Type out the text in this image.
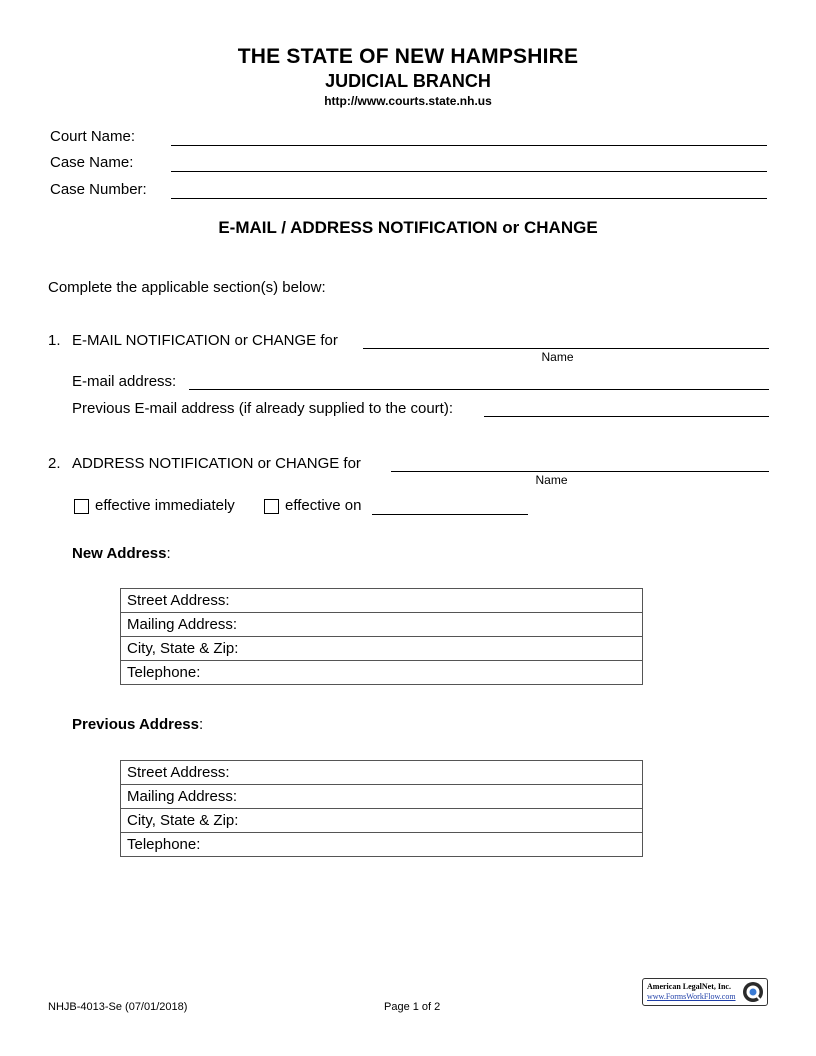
THE STATE OF NEW HAMPSHIRE
JUDICIAL BRANCH
http://www.courts.state.nh.us
Court Name:
Case Name:
Case Number:
E-MAIL / ADDRESS NOTIFICATION or CHANGE
Complete the applicable section(s) below:
1. E-MAIL NOTIFICATION or CHANGE for
Name
E-mail address:
Previous E-mail address (if already supplied to the court):
2. ADDRESS NOTIFICATION or CHANGE for
Name
effective immediately	effective on
New Address:
Street Address:
Mailing Address:
City, State & Zip:
Telephone:
Previous Address:
Street Address:
Mailing Address:
City, State & Zip:
Telephone:
NHJB-4013-Se (07/01/2018)	Page 1 of 2
American LegalNet, Inc.
www.FormsWorkFlow.com
